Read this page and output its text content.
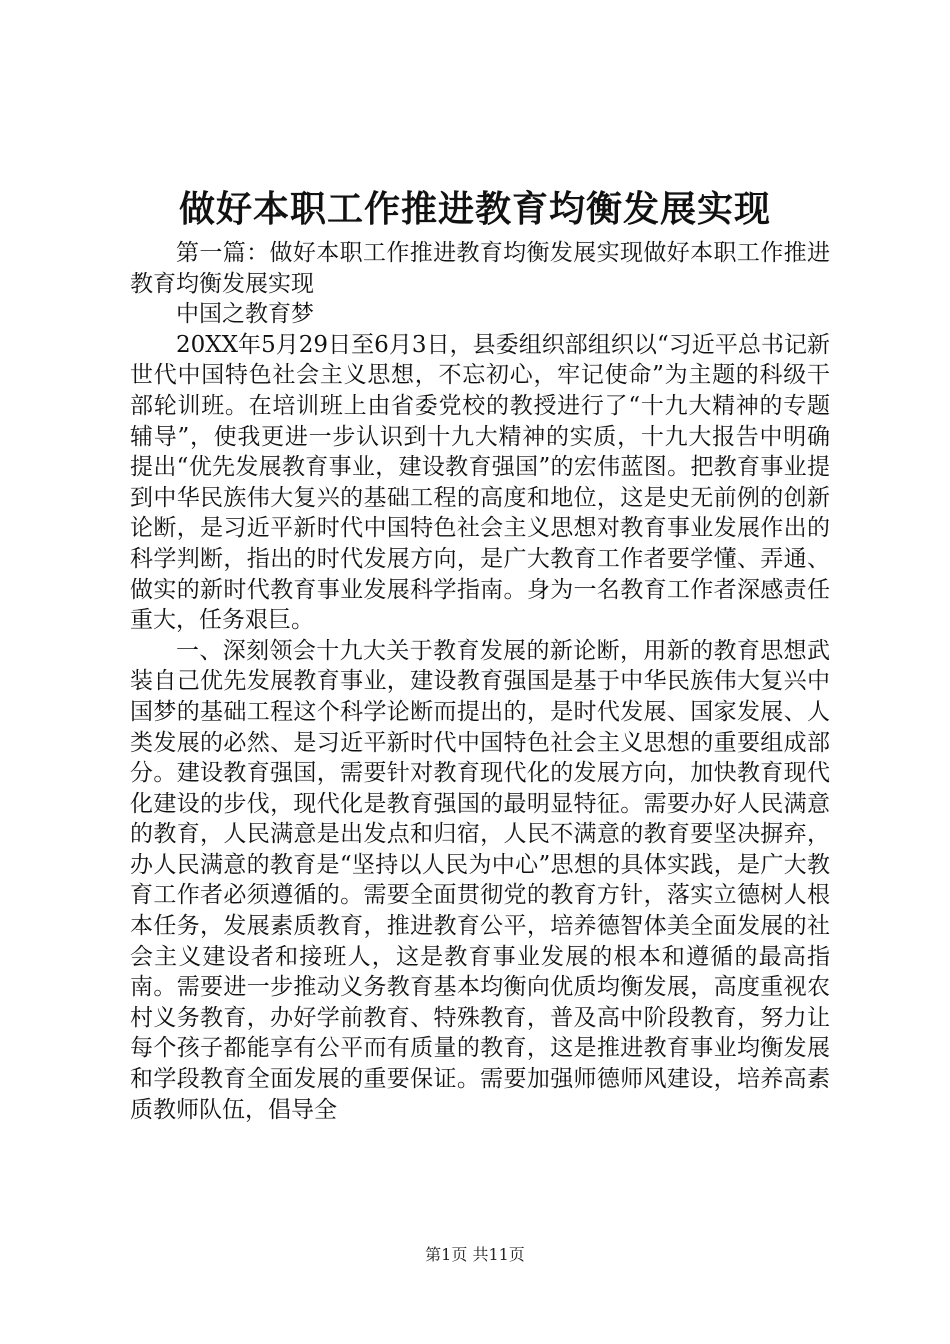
做好本职工作推进教育均衡发展实现

第一篇：做好本职工作推进教育均衡发展实现做好本职工作推进教育均衡发展实现

中国之教育梦

20XX年5月29日至6月3日，县委组织部组织以“习近平总书记新世代中国特色社会主义思想，不忘初心，牢记使命”为主题的科级干部轮训班。在培训班上由省委党校的教授进行了“十九大精神的专题辅导”，使我更进一步认识到十九大精神的实质，十九大报告中明确提出“优先发展教育事业，建设教育强国”的宏伟蓝图。把教育事业提到中华民族伟大复兴的基础工程的高度和地位，这是史无前例的创新论断，是习近平新时代中国特色社会主义思想对教育事业发展作出的科学判断，指出的时代发展方向，是广大教育工作者要学懂、弄通、做实的新时代教育事业发展科学指南。身为一名教育工作者深感责任重大，任务艰巨。

一、深刻领会十九大关于教育发展的新论断，用新的教育思想武装自己优先发展教育事业，建设教育强国是基于中华民族伟大复兴中国梦的基础工程这个科学论断而提出的，是时代发展、国家发展、人类发展的必然、是习近平新时代中国特色社会主义思想的重要组成部分。建设教育强国，需要针对教育现代化的发展方向，加快教育现代化建设的步伐，现代化是教育强国的最明显特征。需要办好人民满意的教育，人民满意是出发点和归宿，人民不满意的教育要坚决摒弃，办人民满意的教育是“坚持以人民为中心”思想的具体实践，是广大教育工作者必须遵循的。需要全面贯彻党的教育方针，落实立德树人根本任务，发展素质教育，推进教育公平，培养德智体美全面发展的社会主义建设者和接班人，这是教育事业发展的根本和遵循的最高指南。需要进一步推动义务教育基本均衡向优质均衡发展，高度重视农村义务教育，办好学前教育、特殊教育，普及高中阶段教育，努力让每个孩子都能享有公平而有质量的教育，这是推进教育事业均衡发展和学段教育全面发展的重要保证。需要加强师德师风建设，培养高素质教师队伍，倡导全

第1页 共11页
